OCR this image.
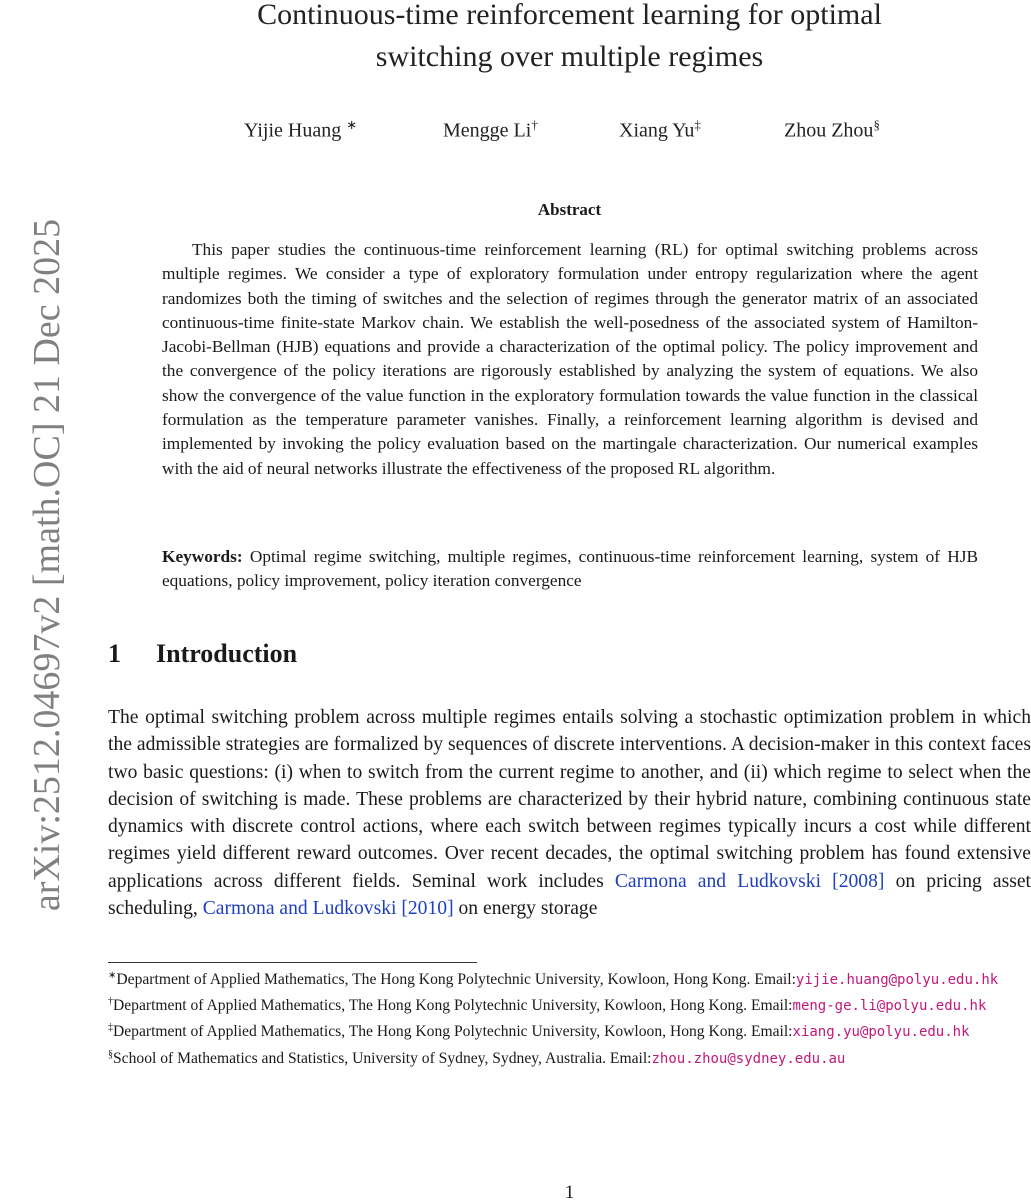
arXiv:2512.04697v2 [math.OC] 21 Dec 2025
Continuous-time reinforcement learning for optimal
switching over multiple regimes
Yijie Huang ∗	Mengge Li†	Xiang Yu‡	Zhou Zhou§
Abstract

This paper studies the continuous-time reinforcement learning (RL) for optimal switching problems across multiple regimes. We consider a type of exploratory formulation under entropy regularization where the agent randomizes both the timing of switches and the selection of regimes through the generator matrix of an associated continuous-time finite-state Markov chain. We establish the well-posedness of the associated system of Hamilton-Jacobi-Bellman (HJB) equations and provide a characterization of the optimal policy. The policy improvement and the convergence of the policy iterations are rigorously established by analyzing the system of equations. We also show the convergence of the value function in the exploratory formulation towards the value function in the classical formulation as the temperature parameter vanishes. Finally, a reinforcement learning algorithm is devised and implemented by invoking the policy evaluation based on the martingale characterization. Our numerical examples with the aid of neural networks illustrate the effectiveness of the proposed RL algorithm.

Keywords: Optimal regime switching, multiple regimes, continuous-time reinforcement learning, system of HJB equations, policy improvement, policy iteration convergence

1 Introduction

The optimal switching problem across multiple regimes entails solving a stochastic optimization problem in which the admissible strategies are formalized by sequences of discrete interventions. A decision-maker in this context faces two basic questions: (i) when to switch from the current regime to another, and (ii) which regime to select when the decision of switching is made. These problems are characterized by their hybrid nature, combining continuous state dynamics with discrete control actions, where each switch between regimes typically incurs a cost while different regimes yield different reward outcomes. Over recent decades, the optimal switching problem has found extensive applications across different fields. Seminal work includes Carmona and Ludkovski [2008] on pricing asset scheduling, Carmona and Ludkovski [2010] on energy storage

∗Department of Applied Mathematics, The Hong Kong Polytechnic University, Kowloon, Hong Kong. Email:yijie.huang@polyu.edu.hk

†Department of Applied Mathematics, The Hong Kong Polytechnic University, Kowloon, Hong Kong. Email:meng-ge.li@polyu.edu.hk

‡Department of Applied Mathematics, The Hong Kong Polytechnic University, Kowloon, Hong Kong. Email:xiang.yu@polyu.edu.hk

§School of Mathematics and Statistics, University of Sydney, Sydney, Australia. Email:zhou.zhou@sydney.edu.au

1
